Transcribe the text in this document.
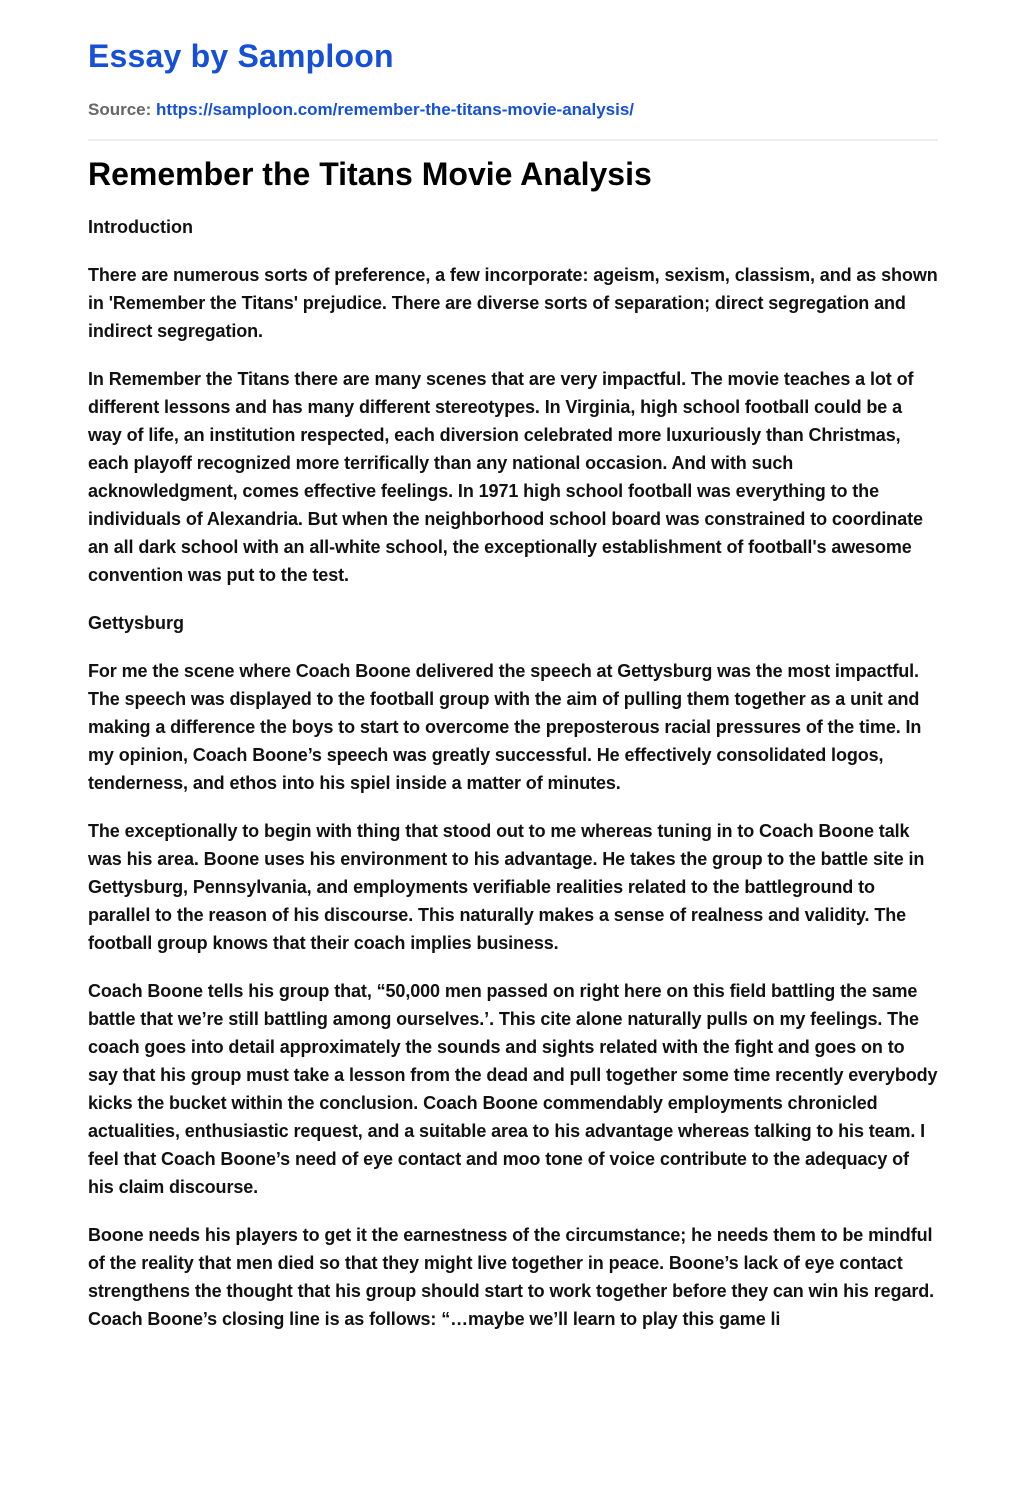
Essay by Samploon
Source: https://samploon.com/remember-the-titans-movie-analysis/
Remember the Titans Movie Analysis
Introduction

There are numerous sorts of preference, a few incorporate: ageism, sexism, classism, and as shown in 'Remember the Titans' prejudice. There are diverse sorts of separation; direct segregation and indirect segregation.

In Remember the Titans there are many scenes that are very impactful. The movie teaches a lot of different lessons and has many different stereotypes. In Virginia, high school football could be a way of life, an institution respected, each diversion celebrated more luxuriously than Christmas, each playoff recognized more terrifically than any national occasion. And with such acknowledgment, comes effective feelings. In 1971 high school football was everything to the individuals of Alexandria. But when the neighborhood school board was constrained to coordinate an all dark school with an all-white school, the exceptionally establishment of football's awesome convention was put to the test.

Gettysburg

For me the scene where Coach Boone delivered the speech at Gettysburg was the most impactful. The speech was displayed to the football group with the aim of pulling them together as a unit and making a difference the boys to start to overcome the preposterous racial pressures of the time. In my opinion, Coach Boone’s speech was greatly successful. He effectively consolidated logos, tenderness, and ethos into his spiel inside a matter of minutes.

The exceptionally to begin with thing that stood out to me whereas tuning in to Coach Boone talk was his area. Boone uses his environment to his advantage. He takes the group to the battle site in Gettysburg, Pennsylvania, and employments verifiable realities related to the battleground to parallel to the reason of his discourse. This naturally makes a sense of realness and validity. The football group knows that their coach implies business.

Coach Boone tells his group that, “50,000 men passed on right here on this field battling the same battle that we’re still battling among ourselves.’. This cite alone naturally pulls on my feelings. The coach goes into detail approximately the sounds and sights related with the fight and goes on to say that his group must take a lesson from the dead and pull together some time recently everybody kicks the bucket within the conclusion. Coach Boone commendably employments chronicled actualities, enthusiastic request, and a suitable area to his advantage whereas talking to his team. I feel that Coach Boone’s need of eye contact and moo tone of voice contribute to the adequacy of his claim discourse.

Boone needs his players to get it the earnestness of the circumstance; he needs them to be mindful of the reality that men died so that they might live together in peace. Boone’s lack of eye contact strengthens the thought that his group should start to work together before they can win his regard. Coach Boone’s closing line is as follows: “…maybe we’ll learn to play this game li
